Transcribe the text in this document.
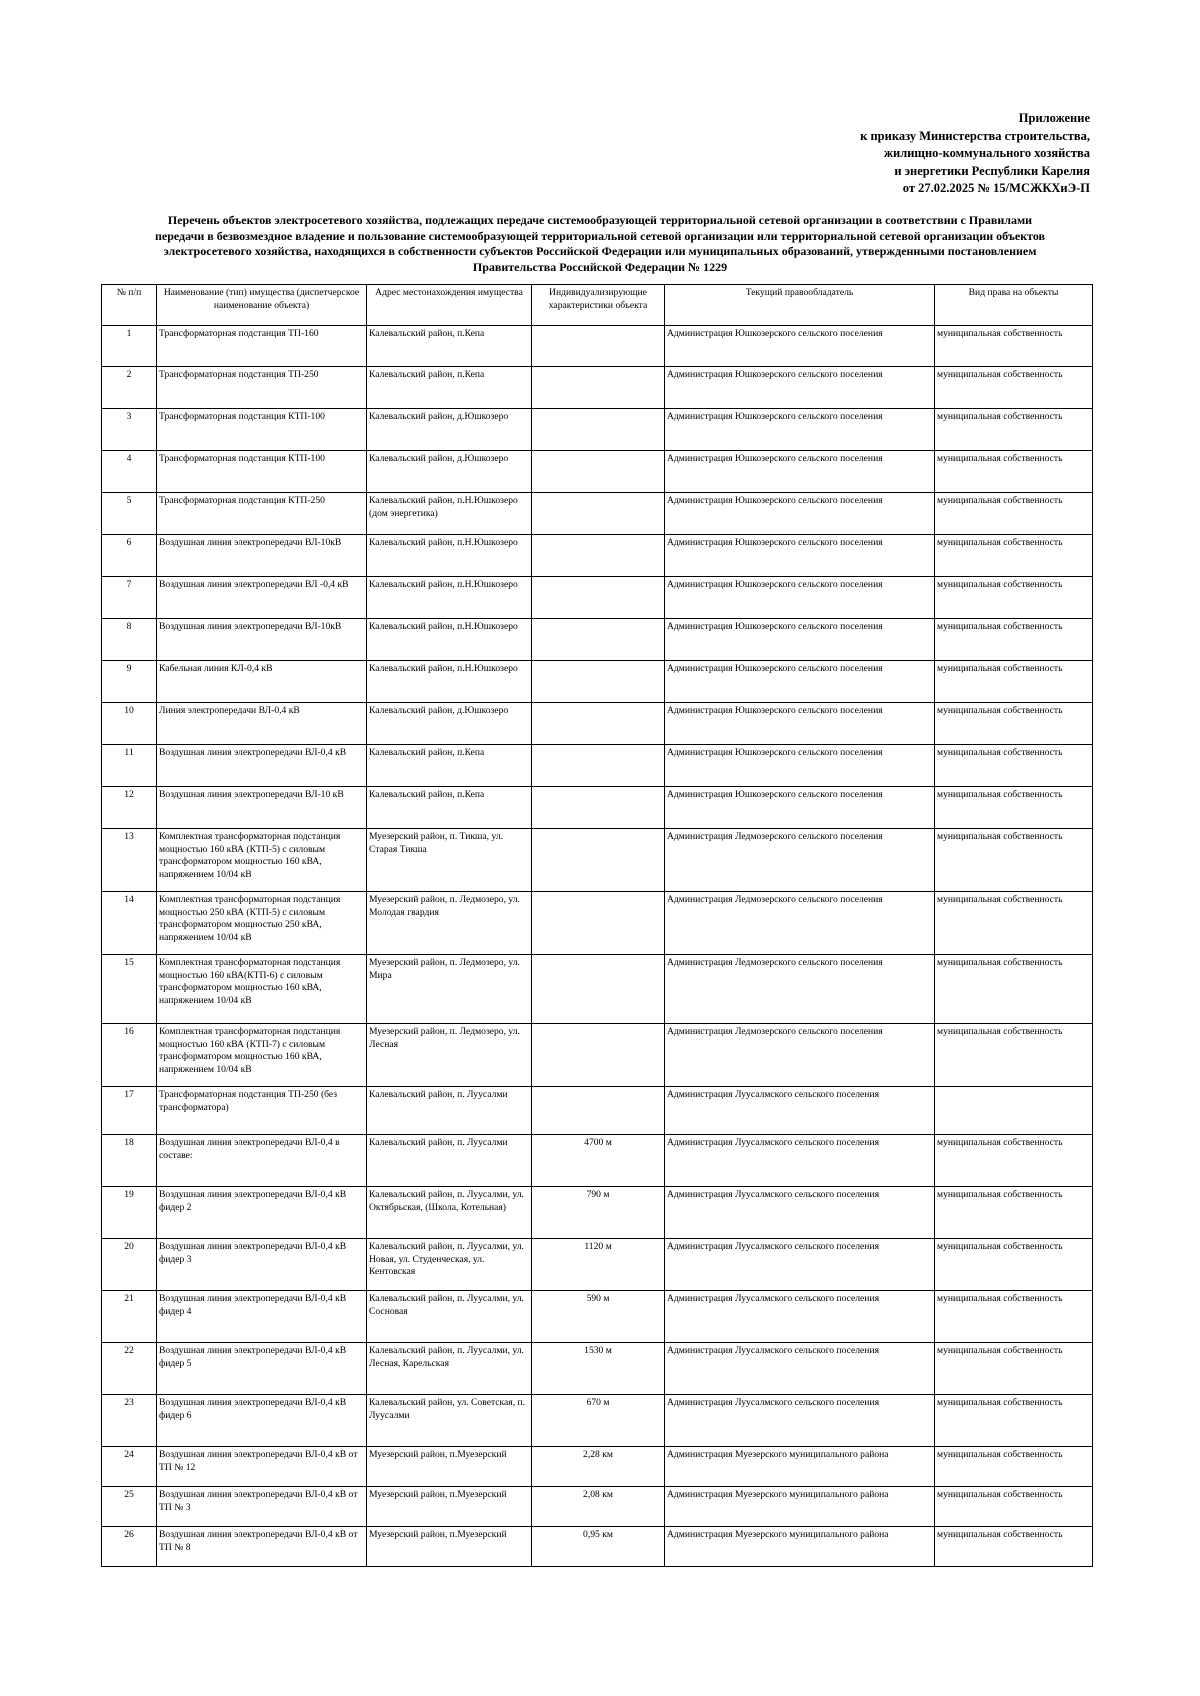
Приложение
к приказу Министерства строительства,
жилищно-коммунального хозяйства
и энергетики Республики Карелия
от 27.02.2025 № 15/МСЖКХиЭ-П
Перечень объектов электросетевого хозяйства, подлежащих передаче системообразующей территориальной сетевой организации в соответствии с Правилами
передачи в безвозмездное владение и пользование системообразующей территориальной сетевой организации или территориальной сетевой организации объектов
электросетевого хозяйства, находящихся в собственности субъектов Российской Федерации или муниципальных образований, утвержденными постановлением
Правительства Российской Федерации № 1229
№ п/п	Наименование (тип) имущества (диспетчерское наименование объекта)	Адрес местонахождения имущества	Индивидуализирующие характеристики объекта	Текущий правообладатель	Вид права на объекты
1	Трансформаторная подстанция ТП-160	Калевальский район, п.Кепа		Администрация Юшкозерского сельского поселения	муниципальная собственность
2	Трансформаторная подстанция ТП-250	Калевальский район, п.Кепа		Администрация Юшкозерского сельского поселения	муниципальная собственность
3	Трансформаторная подстанция КТП-100	Калевальский район, д.Юшкозеро		Администрация Юшкозерского сельского поселения	муниципальная собственность
4	Трансформаторная подстанция КТП-100	Калевальский район, д.Юшкозеро		Администрация Юшкозерского сельского поселения	муниципальная собственность
5	Трансформаторная подстанция КТП-250	Калевальский район, п.Н.Юшкозеро (дом энергетика)		Администрация Юшкозерского сельского поселения	муниципальная собственность
6	Воздушная линия электропередачи ВЛ-10кВ	Калевальский район, п.Н.Юшкозеро		Администрация Юшкозерского сельского поселения	муниципальная собственность
7	Воздушная линия электропередачи ВЛ -0,4 кВ	Калевальский район, п.Н.Юшкозеро		Администрация Юшкозерского сельского поселения	муниципальная собственность
8	Воздушная линия электропередачи ВЛ-10кВ	Калевальский район, п.Н.Юшкозеро		Администрация Юшкозерского сельского поселения	муниципальная собственность
9	Кабельная линия КЛ-0,4 кВ	Калевальский район, п.Н.Юшкозеро		Администрация Юшкозерского сельского поселения	муниципальная собственность
10	Линия электропередачи ВЛ-0,4 кВ	Калевальский район, д.Юшкозеро		Администрация Юшкозерского сельского поселения	муниципальная собственность
11	Воздушная линия электропередачи ВЛ-0,4 кВ	Калевальский район, п.Кепа		Администрация Юшкозерского сельского поселения	муниципальная собственность
12	Воздушная линия электропередачи ВЛ-10 кВ	Калевальский район, п.Кепа		Администрация Юшкозерского сельского поселения	муниципальная собственность
13	Комплектная трансформаторная подстанция мощностью 160 кВА (КТП-5) с силовым трансформатором мощностью 160 кВА, напряжением 10/04 кВ	Муезерский район, п. Тикша, ул. Старая Тикша		Администрация Ледмозерского сельского поселения	муниципальная собственность
14	Комплектная трансформаторная подстанция мощностью 250 кВА (КТП-5) с силовым трансформатором мощностью 250 кВА, напряжением 10/04 кВ	Муезерский район, п. Ледмозеро, ул. Молодая гвардия		Администрация Ледмозерского сельского поселения	муниципальная собственность
15	Комплектная трансформаторная подстанция мощностью 160 кВА(КТП-6) с силовым трансформатором мощностью 160 кВА, напряжением 10/04 кВ	Муезерский район, п. Ледмозеро, ул. Мира		Администрация Ледмозерского сельского поселения	муниципальная собственность
16	Комплектная трансформаторная подстанция мощностью 160 кВА (КТП-7) с силовым трансформатором мощностью 160 кВА, напряжением 10/04 кВ	Муезерский район, п. Ледмозеро, ул. Лесная		Администрация Ледмозерского сельского поселения	муниципальная собственность
17	Трансформаторная подстанция ТП-250 (без трансформатора)	Калевальский район, п. Луусалми		Администрация Луусалмского сельского поселения	
18	Воздушная линия электропередачи ВЛ-0,4 в составе:	Калевальский район, п. Луусалми	4700 м	Администрация Луусалмского сельского поселения	муниципальная собственность
19	Воздушная линия электропередачи ВЛ-0,4 кВ фидер 2	Калевальский район, п. Луусалми, ул. Октябрьская, (Школа, Котельная)	790 м	Администрация Луусалмского сельского поселения	муниципальная собственность
20	Воздушная линия электропередачи ВЛ-0,4 кВ фидер 3	Калевальский район, п. Луусалми, ул. Новая, ул. Студенческая, ул. Кентовская	1120 м	Администрация Луусалмского сельского поселения	муниципальная собственность
21	Воздушная линия электропередачи ВЛ-0,4 кВ фидер 4	Калевальский район, п. Луусалми, ул. Сосновая	590 м	Администрация Луусалмского сельского поселения	муниципальная собственность
22	Воздушная линия электропередачи ВЛ-0,4 кВ фидер 5	Калевальский район, п. Луусалми, ул. Лесная, Карельская	1530 м	Администрация Луусалмского сельского поселения	муниципальная собственность
23	Воздушная линия электропередачи ВЛ-0,4 кВ фидер 6	Калевальский район, ул. Советская, п. Луусалми	670 м	Администрация Луусалмского сельского поселения	муниципальная собственность
24	Воздушная линия электропередачи ВЛ-0,4 кВ от ТП № 12	Муезерский район, п.Муезерский	2,28 км	Администрация Муезерского муниципального района	муниципальная собственность
25	Воздушная линия электропередачи ВЛ-0,4 кВ от ТП № 3	Муезерский район, п.Муезерский	2,08 км	Администрация Муезерского муниципального района	муниципальная собственность
26	Воздушная линия электропередачи ВЛ-0,4 кВ от ТП № 8	Муезерский район, п.Муезерский	0,95 км	Администрация Муезерского муниципального района	муниципальная собственность
